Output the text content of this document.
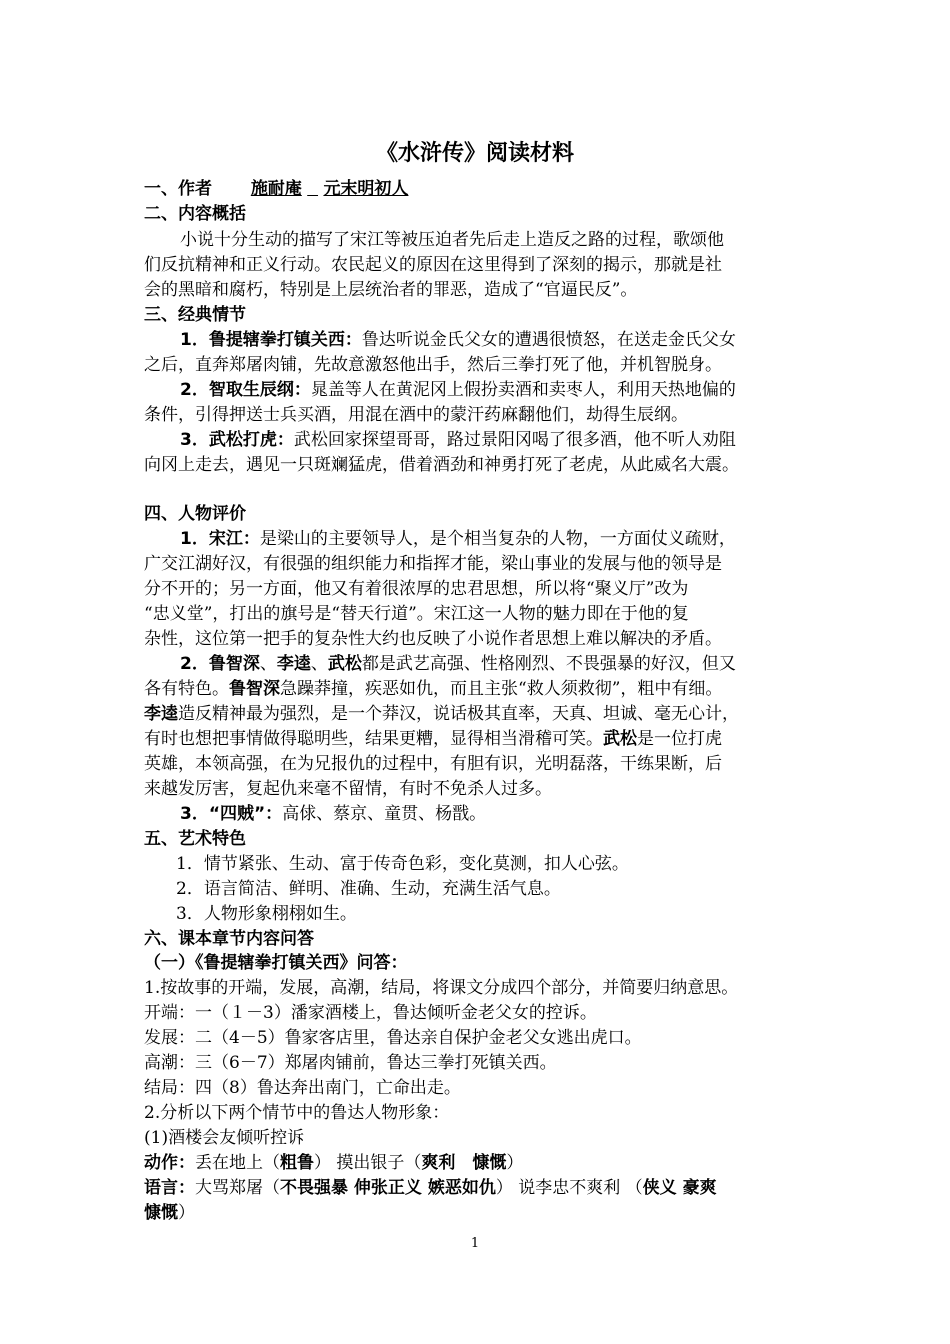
《水浒传》阅读材料
一、作者 施耐庵 元末明初人
二、内容概括
小说十分生动的描写了宋江等被压迫者先后走上造反之路的过程，歌颂他
们反抗精神和正义行动。农民起义的原因在这里得到了深刻的揭示，那就是社
会的黑暗和腐朽，特别是上层统治者的罪恶，造成了“官逼民反”。
三、经典情节
1．鲁提辖拳打镇关西：鲁达听说金氏父女的遭遇很愤怒，在送走金氏父女
之后，直奔郑屠肉铺，先故意激怒他出手，然后三拳打死了他，并机智脱身。
2．智取生辰纲：晁盖等人在黄泥冈上假扮卖酒和卖枣人，利用天热地偏的
条件，引得押送士兵买酒，用混在酒中的蒙汗药麻翻他们，劫得生辰纲。
3．武松打虎：武松回家探望哥哥，路过景阳冈喝了很多酒，他不听人劝阻
向冈上走去，遇见一只斑斓猛虎，借着酒劲和神勇打死了老虎，从此威名大震。
四、人物评价
1．宋江：是梁山的主要领导人，是个相当复杂的人物，一方面仗义疏财，
广交江湖好汉，有很强的组织能力和指挥才能，梁山事业的发展与他的领导是
分不开的；另一方面，他又有着很浓厚的忠君思想，所以将“聚义厅”改为
“忠义堂”，打出的旗号是“替天行道”。宋江这一人物的魅力即在于他的复
杂性，这位第一把手的复杂性大约也反映了小说作者思想上难以解决的矛盾。
2．鲁智深、李逵、武松都是武艺高强、性格刚烈、不畏强暴的好汉，但又
各有特色。鲁智深急躁莽撞，疾恶如仇，而且主张“救人须救彻”，粗中有细。
李逵造反精神最为强烈，是一个莽汉，说话极其直率，天真、坦诚、毫无心计，
有时也想把事情做得聪明些，结果更糟，显得相当滑稽可笑。武松是一位打虎
英雄，本领高强，在为兄报仇的过程中，有胆有识，光明磊落，干练果断，后
来越发厉害，复起仇来毫不留情，有时不免杀人过多。
3．“四贼”：高俅、蔡京、童贯、杨戬。
五、艺术特色
1．情节紧张、生动、富于传奇色彩，变化莫测，扣人心弦。
2．语言简洁、鲜明、准确、生动，充满生活气息。
3．人物形象栩栩如生。
六、课本章节内容问答
（一）《鲁提辖拳打镇关西》问答：
1.按故事的开端，发展，高潮，结局，将课文分成四个部分，并简要归纳意思。
开端：一（１－3）潘家酒楼上，鲁达倾听金老父女的控诉。
发展：二（4－5）鲁家客店里，鲁达亲自保护金老父女逃出虎口。
高潮：三（6－7）郑屠肉铺前，鲁达三拳打死镇关西。
结局：四（8）鲁达奔出南门，亡命出走。
2.分析以下两个情节中的鲁达人物形象：
(1)酒楼会友倾听控诉
动作：丢在地上（粗鲁） 摸出银子（爽利　慷慨）
语言：大骂郑屠（不畏强暴 伸张正义 嫉恶如仇） 说李忠不爽利 （侠义 豪爽
慷慨）
1
